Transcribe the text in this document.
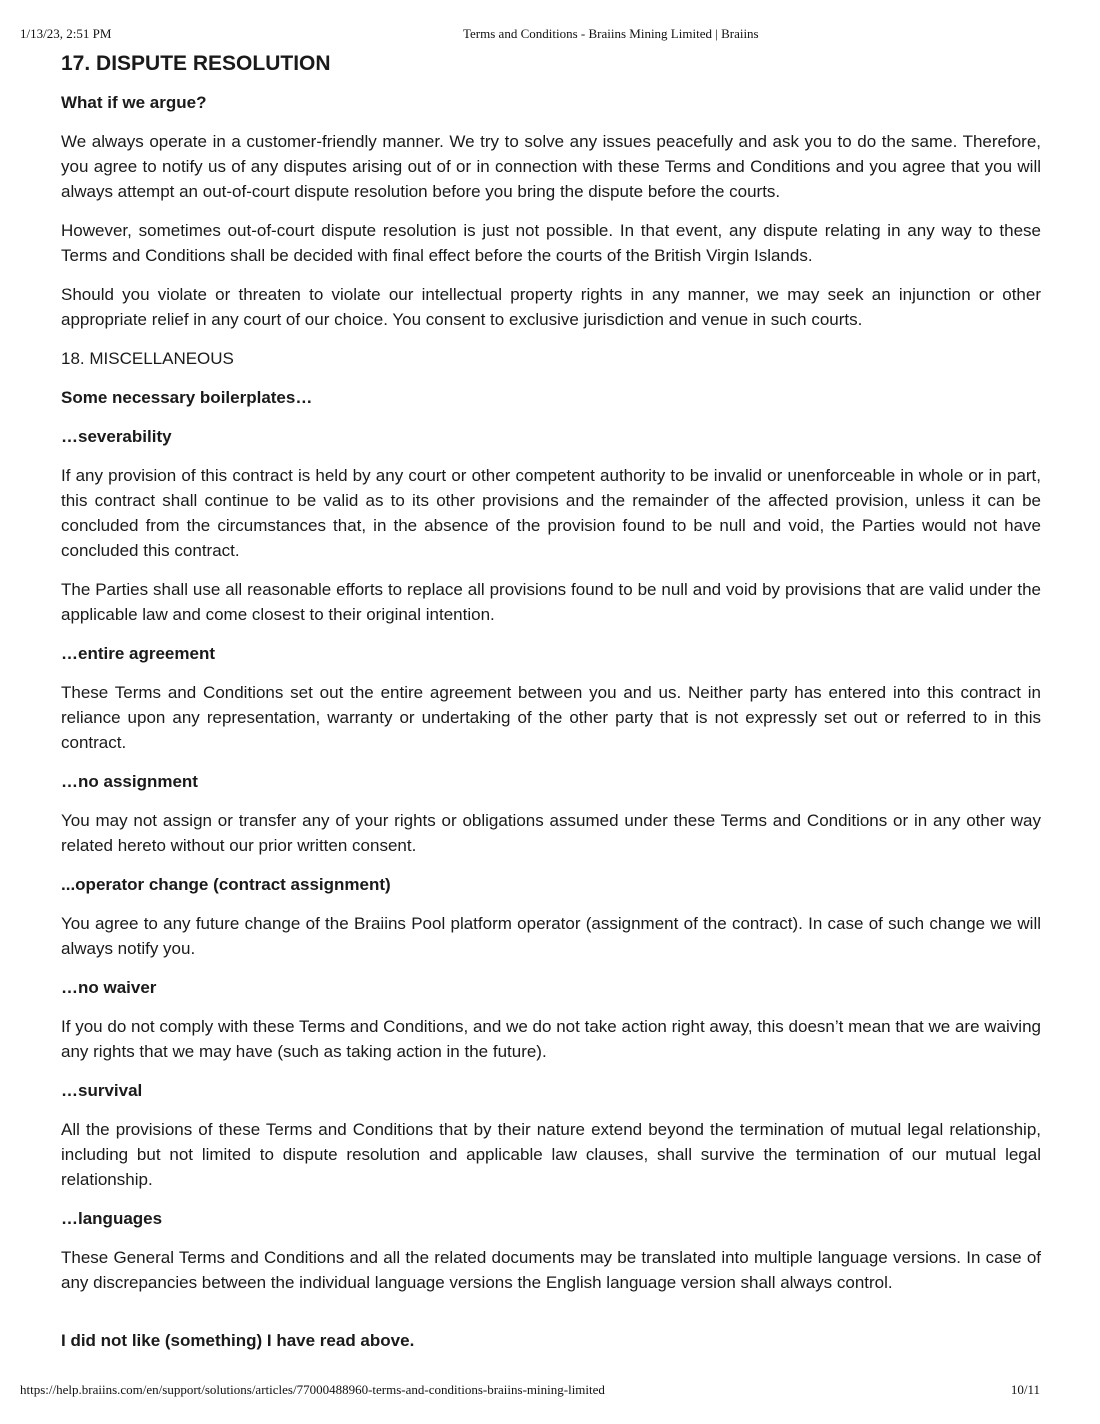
1/13/23, 2:51 PM	Terms and Conditions - Braiins Mining Limited | Braiins
17. DISPUTE RESOLUTION

What if we argue?

We always operate in a customer-friendly manner. We try to solve any issues peacefully and ask you to do the same. Therefore, you agree to notify us of any disputes arising out of or in connection with these Terms and Conditions and you agree that you will always attempt an out-of-court dispute resolution before you bring the dispute before the courts.

However, sometimes out-of-court dispute resolution is just not possible. In that event, any dispute relating in any way to these Terms and Conditions shall be decided with final effect before the courts of the British Virgin Islands.

Should you violate or threaten to violate our intellectual property rights in any manner, we may seek an injunction or other appropriate relief in any court of our choice. You consent to exclusive jurisdiction and venue in such courts.

18. MISCELLANEOUS

Some necessary boilerplates…

…severability

If any provision of this contract is held by any court or other competent authority to be invalid or unenforceable in whole or in part, this contract shall continue to be valid as to its other provisions and the remainder of the affected provision, unless it can be concluded from the circumstances that, in the absence of the provision found to be null and void, the Parties would not have concluded this contract.

The Parties shall use all reasonable efforts to replace all provisions found to be null and void by provisions that are valid under the applicable law and come closest to their original intention.

…entire agreement

These Terms and Conditions set out the entire agreement between you and us. Neither party has entered into this contract in reliance upon any representation, warranty or undertaking of the other party that is not expressly set out or referred to in this contract.

…no assignment

You may not assign or transfer any of your rights or obligations assumed under these Terms and Conditions or in any other way related hereto without our prior written consent.

...operator change (contract assignment)

You agree to any future change of the Braiins Pool platform operator (assignment of the contract). In case of such change we will always notify you.

…no waiver

If you do not comply with these Terms and Conditions, and we do not take action right away, this doesn’t mean that we are waiving any rights that we may have (such as taking action in the future).

…survival

All the provisions of these Terms and Conditions that by their nature extend beyond the termination of mutual legal relationship, including but not limited to dispute resolution and applicable law clauses, shall survive the termination of our mutual legal relationship.

…languages

These General Terms and Conditions and all the related documents may be translated into multiple language versions. In case of any discrepancies between the individual language versions the English language version shall always control.

I did not like (something) I have read above.

https://help.braiins.com/en/support/solutions/articles/77000488960-terms-and-conditions-braiins-mining-limited	10/11
